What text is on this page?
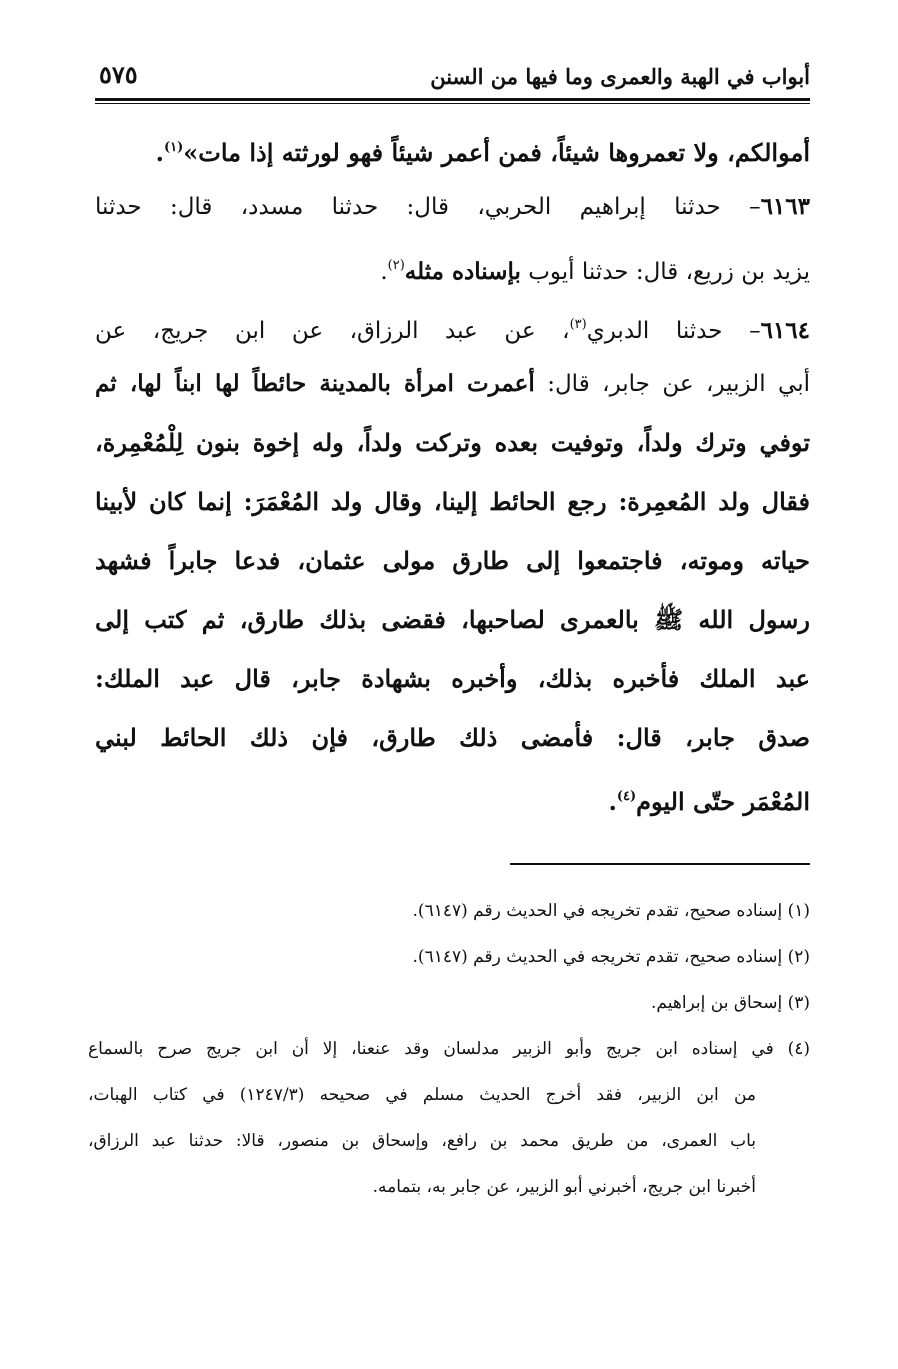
أبواب في الهبة والعمرى وما فيها من السنن
٥٧٥
أموالكم، ولا تعمروها شيئاً، فمن أعمر شيئاً فهو لورثته إذا مات»$^{(١)}$.
٦١٦٣– حدثنا إبراهيم الحربي، قال: حدثنا مسدد، قال: حدثنا
يزيد بن زريع، قال: حدثنا أيوب بإسناده مثله$^{(٢)}$.
٦١٦٤– حدثنا الدبري$^{(٣)}$، عن عبد الرزاق، عن ابن جريج، عن
أبي الزبير، عن جابر، قال: أعمرت امرأة بالمدينة حائطاً لها ابناً لها، ثم
توفي وترك ولداً، وتوفيت بعده وتركت ولداً، وله إخوة بنون لِلْمُعْمِرة،
فقال ولد المُعمِرة: رجع الحائط إلينا، وقال ولد المُعْمَرَ: إنما كان لأبينا
حياته وموته، فاجتمعوا إلى طارق مولى عثمان، فدعا جابراً فشهد
رسول الله ﷺ بالعمرى لصاحبها، فقضى بذلك طارق، ثم كتب إلى
عبد الملك فأخبره بذلك، وأخبره بشهادة جابر، قال عبد الملك:
صدق جابر، قال: فأمضى ذلك طارق، فإن ذلك الحائط لبني
المُعْمَر حتّى اليوم$^{(٤)}$.
(١) إسناده صحيح، تقدم تخريجه في الحديث رقم (٦١٤٧).
(٢) إسناده صحيح، تقدم تخريجه في الحديث رقم (٦١٤٧).
(٣) إسحاق بن إبراهيم.
(٤) في إسناده ابن جريج وأبو الزبير مدلسان وقد عنعنا، إلا أن ابن جريج صرح بالسماع
من ابن الزبير، فقد أخرج الحديث مسلم في صحيحه (١٢٤٧/٣) في كتاب الهبات،
باب العمرى، من طريق محمد بن رافع، وإسحاق بن منصور، قالا: حدثنا عبد الرزاق،
أخبرنا ابن جريج، أخبرني أبو الزبير، عن جابر به، بتمامه.
